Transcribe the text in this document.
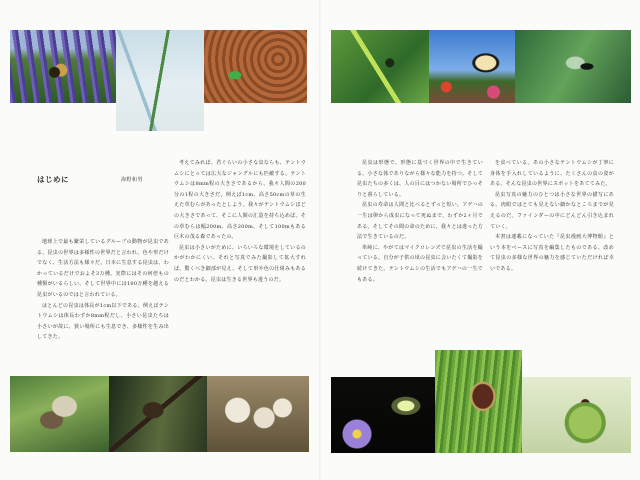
はじめに	海野和男

地球上で最も繁栄しているグループの動物が昆虫である。昆虫の世界は多様性の世界だと言われ、色や形だけでなく、生活方法も様々だ。日本に生息する昆虫は、わかっているだけでおよそ3万種。実際にはその何倍もの種類がいるらしい。そして世界中には100万種を越える昆虫がいるのではと言われている。

はとんどの昆虫は体長が1cm以下である。例えばテントウムシは体長わずか8mm程だし、小さい昆虫たちは小さいが故に、狭い場所にも生息でき、多様性を生み出してきた。

考えてみれば、君ぐらいの小さな虫ならも、テントウムシにとっては広大なジャングルにも匹敵する。テントウムシは8mm程の大きさであるから、我々人間の200分の1程の大きさだ。例えば1cm、高さ50cmの草の生えた草むらがあったとしよう。我々がテントウムシほどの大きさであって、そこに人間の汇造を持ち込めば、その草むらは幅200m、高さ200m、そして100mもある巨木の茂る森であったの。

昆虫は小さいがために、いろいろな環境をしているのかがわかにくい。それと写真でみた撮影して拡大すれば、驚くべき細部が見え、そして形や色の仕組みもあるのだとわかる。昆虫は生きる世界も違うのだ。

昆虫は形態で、形態に基づく世界の中で生きている。小さな体でありながら様々な能力を持つ。そして昆虫たちの多くは、人の目にはつかない場所でひっそりと暮らしている。

昆虫の寿命は人間と比べるとずっと短い。アゲハの一生は卵から成虫になって死ぬまで、わずか2ヶ月である。そしてその間の命のために、我々とは違った方法で生きているのだ。

単純に、やがてはマイクロレンズで昆虫の生活を撮っている。自分が子供の頃の昆虫に会いたくて撮影を続けてきた。テントウムシの生活でもアゲハの一生でもある。

を食べている。あの小さなテントウムシが丁寧に身体を手入れしているように、たくさんの虫の姿がある。そんな昆虫の世界にスポットをあててみた。

昆虫写真の魅力のひとつは小さな世界の描写にある。肉眼ではとても見えない細かなところまでが見えるのだ。ファインダーの中にどんどん引き込まれていく。

本書は連載になっていた『昆虫漫画大博物館』という本をベースに写真を編集したものである。改めて昆虫の多様な世界の魅力を感じていただければ幸いである。
